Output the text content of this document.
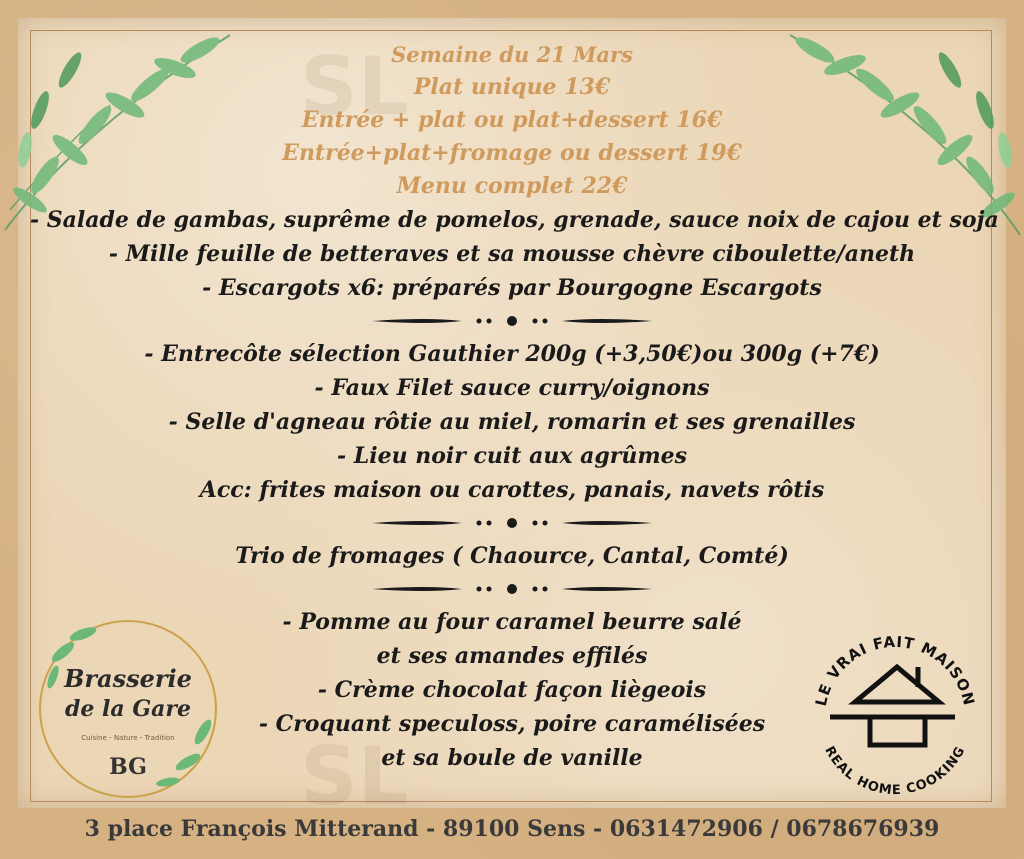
Semaine du 21 Mars
Plat unique 13€
Entrée + plat ou plat+dessert 16€
Entrée+plat+fromage ou dessert 19€
Menu complet 22€
- Salade de gambas, suprême de pomelos, grenade, sauce noix de cajou et soja
- Mille feuille de betteraves et sa mousse chèvre ciboulette/aneth
- Escargots x6: préparés par Bourgogne Escargots
- Entrecôte sélection Gauthier 200g (+3,50€)ou 300g (+7€)
- Faux Filet sauce curry/oignons
- Selle d'agneau rôtie au miel, romarin et ses grenailles
- Lieu noir cuit aux agrûmes
Acc: frites maison ou carottes, panais, navets rôtis
Trio de fromages ( Chaource, Cantal, Comté)
- Pomme au four caramel beurre salé
et ses amandes effilés
- Crème chocolat façon liègeois
- Croquant speculoss, poire caramélisées
et sa boule de vanille
Brasserie
de la Gare
Cuisine - Nature - Tradition
BG
LE VRAI FAIT MAISON
REAL HOME COOKING
3 place François Mitterand - 89100 Sens - 0631472906 / 0678676939
